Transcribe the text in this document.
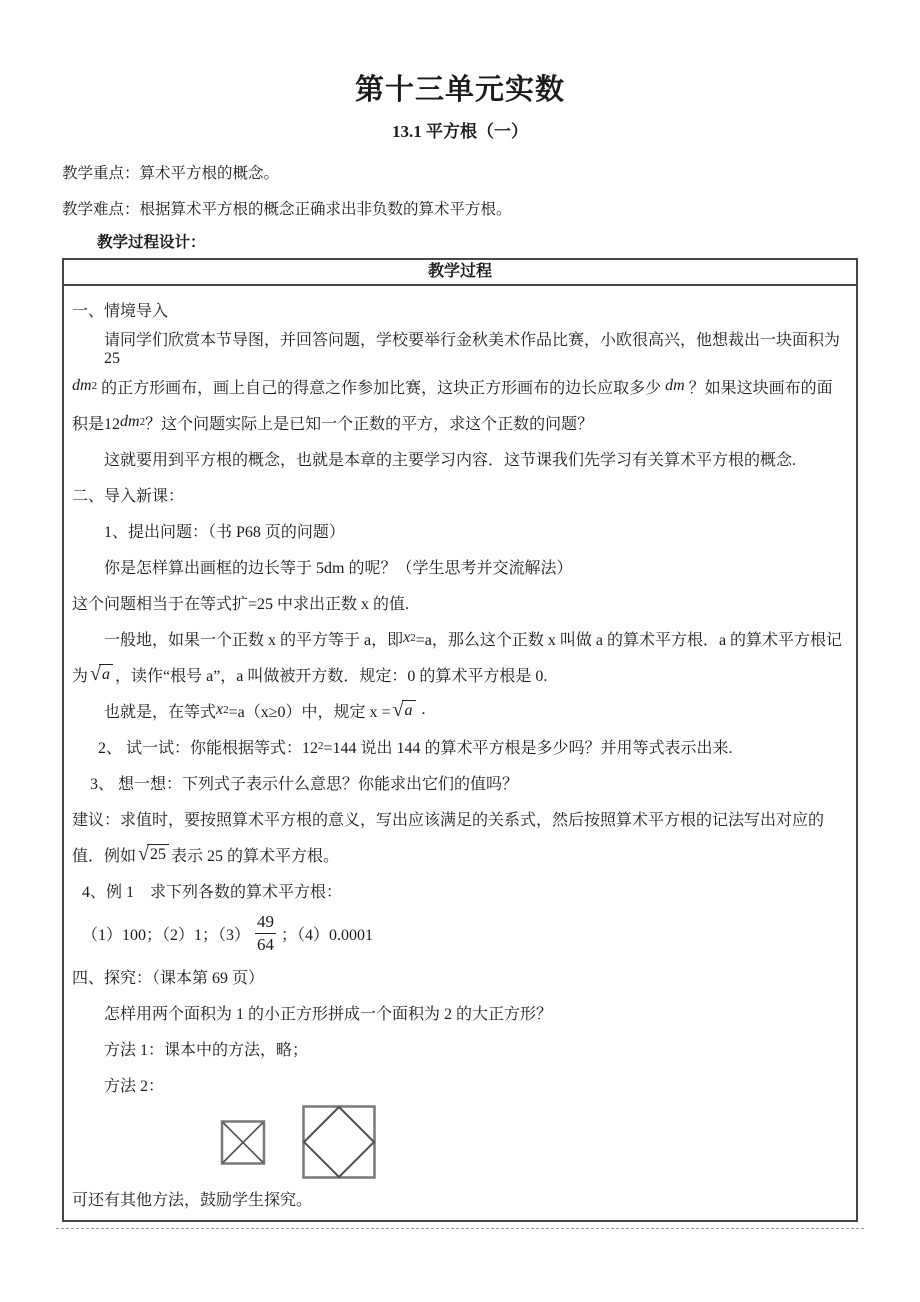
第十三单元实数
13.1 平方根（一）

教学重点：算术平方根的概念。

教学难点：根据算术平方根的概念正确求出非负数的算术平方根。

教学过程设计：

教学过程
一、情境导入
请同学们欣赏本节导图，并回答问题，学校要举行金秋美术作品比赛，小欧很高兴，他想裁出一块面积为 25
dm 2 的正方形画布，画上自己的得意之作参加比赛，这块正方形画布的边长应取多少 dm ？如果这块画布的面
积是12 dm 2 ？这个问题实际上是已知一个正数的平方，求这个正数的问题？
这就要用到平方根的概念，也就是本章的主要学习内容．这节课我们先学习有关算术平方根的概念.
二、导入新课：
1、提出问题：（书 P68 页的问题）
你是怎样算出画框的边长等于 5dm 的呢？（学生思考并交流解法）
这个问题相当于在等式扩=25 中求出正数 x 的值.
一般地，如果一个正数 x 的平方等于 a，即 x 2 =a，那么这个正数 x 叫做 a 的算术平方根．a 的算术平方根记
为 √a ，读作“根号 a”，a 叫做被开方数．规定：0 的算术平方根是 0.
也就是，在等式 x 2 =a（x≥0）中，规定 x = √a .
2、 试一试：你能根据等式：12 2 =144 说出 144 的算术平方根是多少吗？并用等式表示出来.
3、 想一想：下列式子表示什么意思？你能求出它们的值吗？
建议：求值时，要按照算术平方根的意义，写出应该满足的关系式，然后按照算术平方根的记法写出对应的
值．例如 √25 表示 25 的算术平方根。
4、例 1　求下列各数的算术平方根：
（1）100；（2）1；$(3) \frac{49}{64}$ ；（4）0.0001
四、探究：（课本第 69 页）
怎样用两个面积为 1 的小正方形拼成一个面积为 2 的大正方形？
方法 1：课本中的方法，略；
方法 2：
可还有其他方法，鼓励学生探究。
